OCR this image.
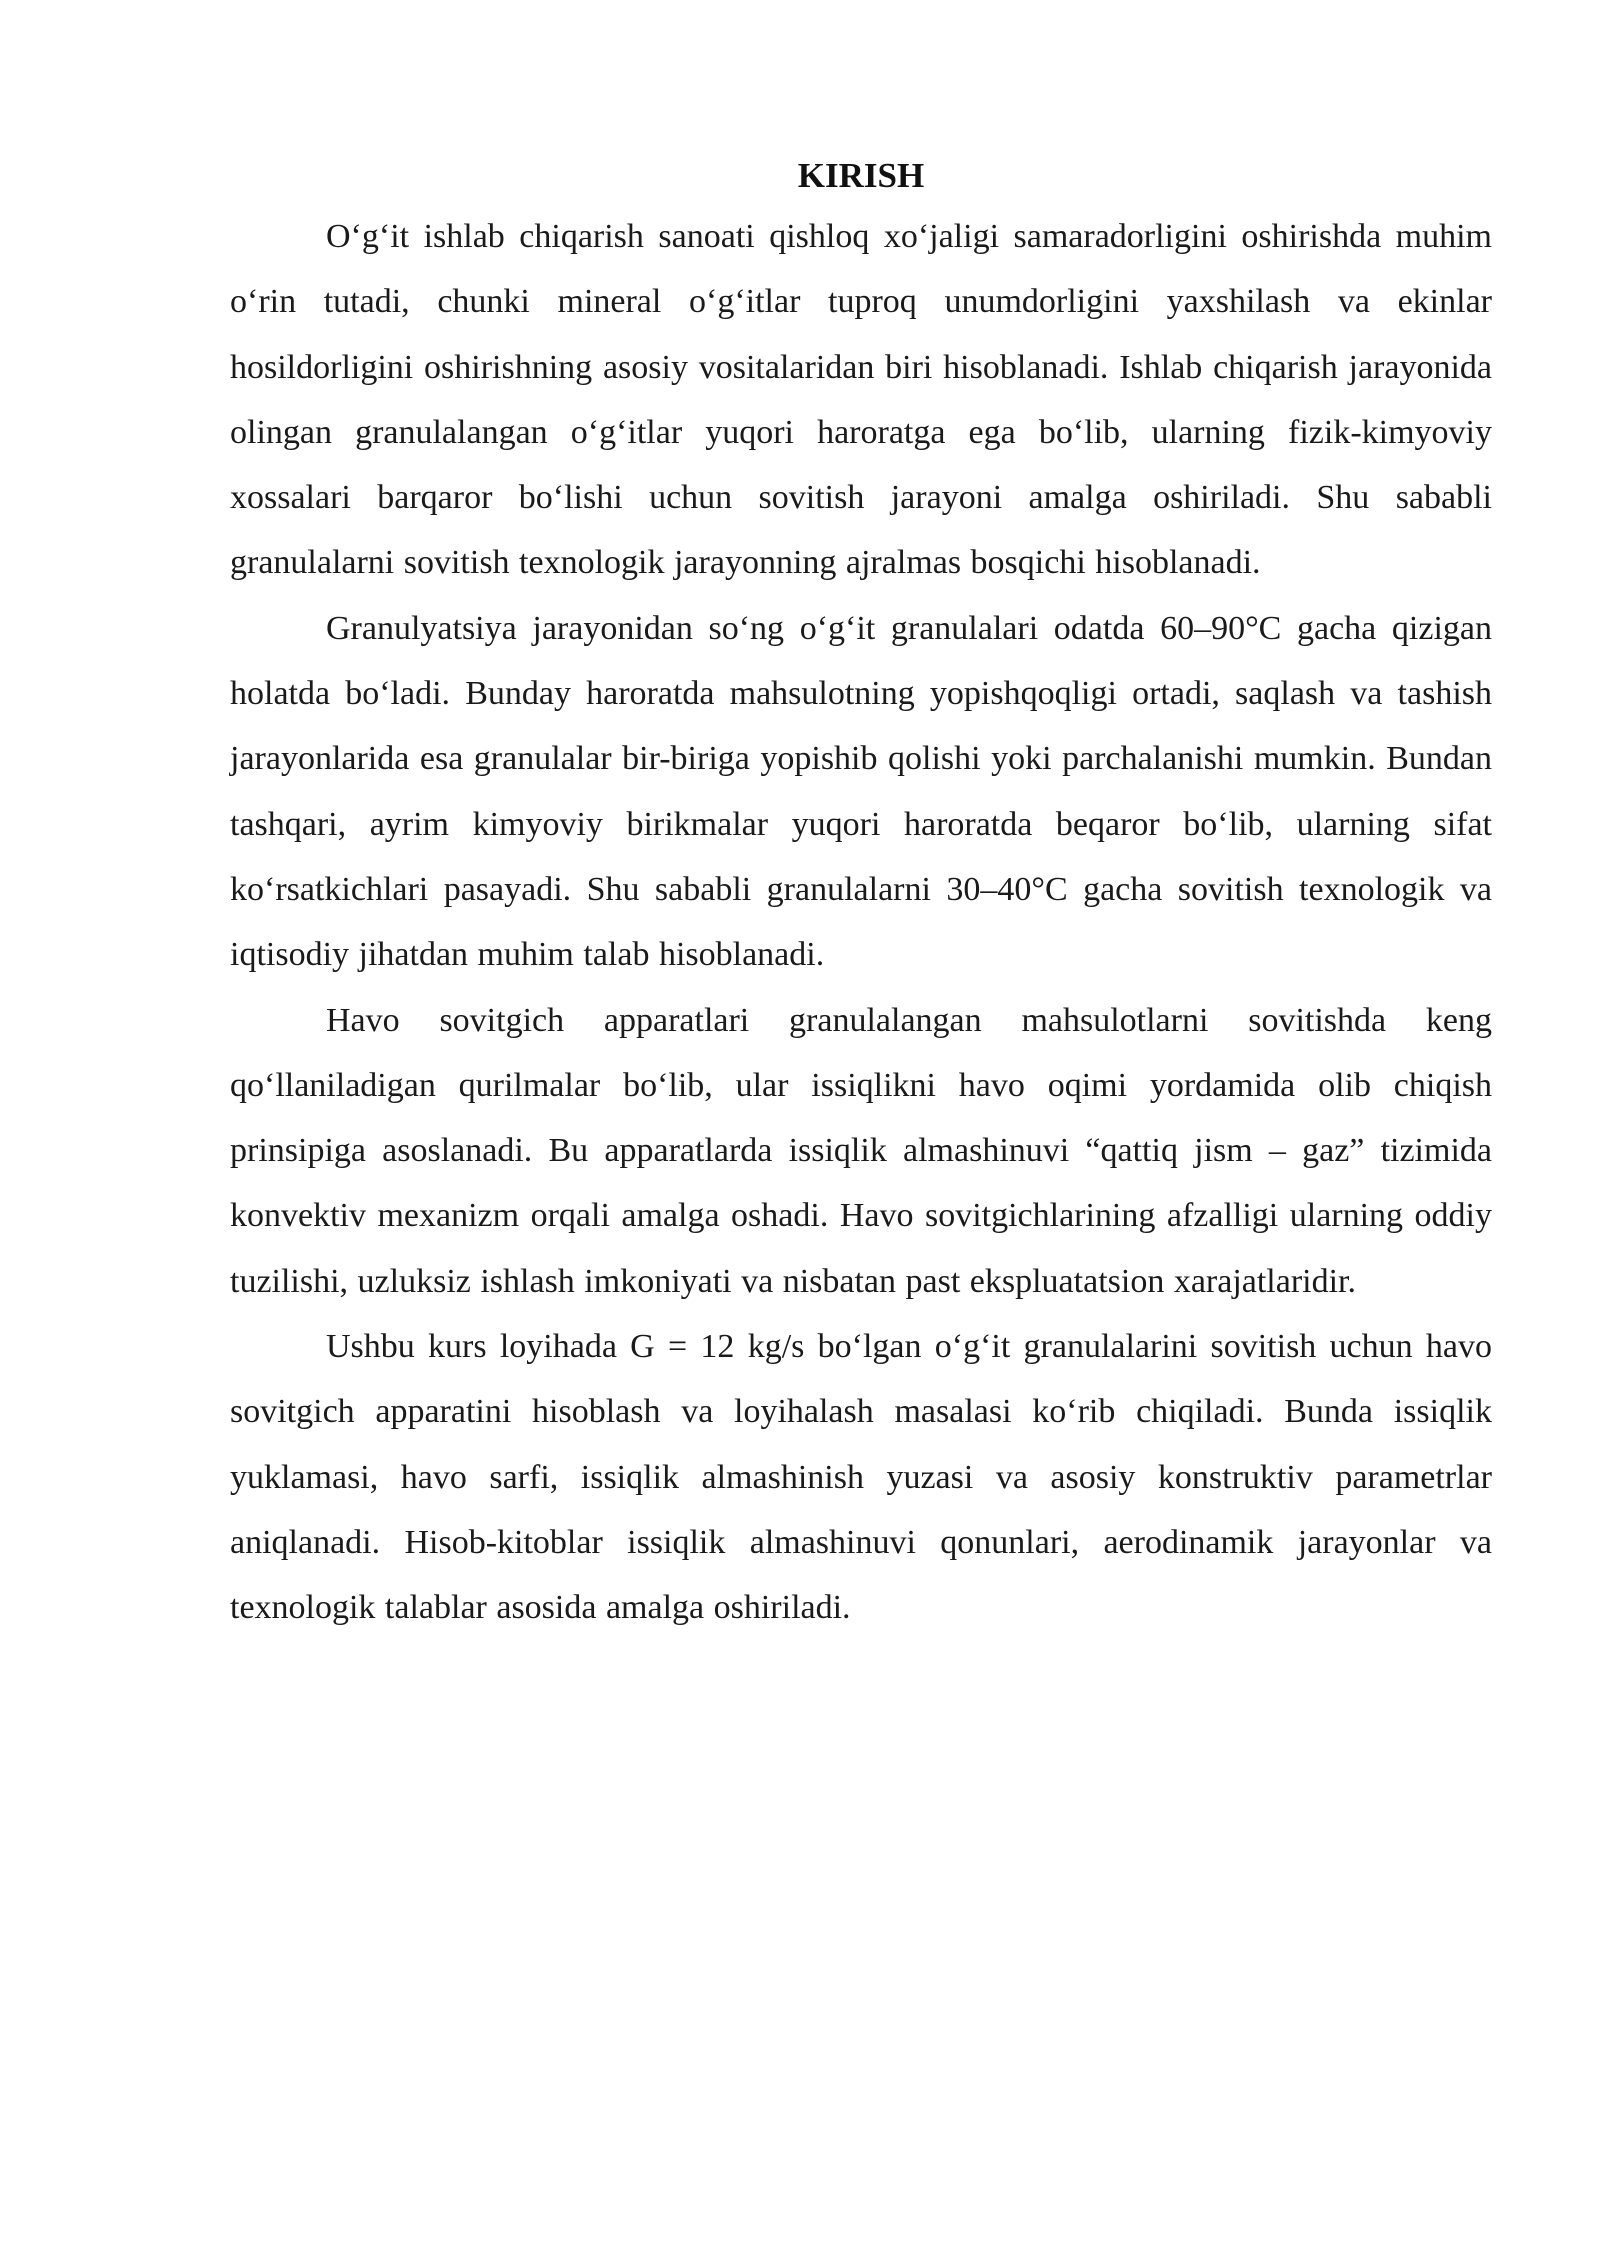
KIRISH

O‘g‘it ishlab chiqarish sanoati qishloq xo‘jaligi samaradorligini oshirishda muhim o‘rin tutadi, chunki mineral o‘g‘itlar tuproq unumdorligini yaxshilash va ekinlar hosildorligini oshirishning asosiy vositalaridan biri hisoblanadi. Ishlab chiqarish jarayonida olingan granulalangan o‘g‘itlar yuqori haroratga ega bo‘lib, ularning fizik-kimyoviy xossalari barqaror bo‘lishi uchun sovitish jarayoni amalga oshiriladi. Shu sababli granulalarni sovitish texnologik jarayonning ajralmas bosqichi hisoblanadi.

Granulyatsiya jarayonidan so‘ng o‘g‘it granulalari odatda 60–90°C gacha qizigan holatda bo‘ladi. Bunday haroratda mahsulotning yopishqoqligi ortadi, saqlash va tashish jarayonlarida esa granulalar bir-biriga yopishib qolishi yoki parchalanishi mumkin. Bundan tashqari, ayrim kimyoviy birikmalar yuqori haroratda beqaror bo‘lib, ularning sifat ko‘rsatkichlari pasayadi. Shu sababli granulalarni 30–40°C gacha sovitish texnologik va iqtisodiy jihatdan muhim talab hisoblanadi.

Havo sovitgich apparatlari granulalangan mahsulotlarni sovitishda keng qo‘llaniladigan qurilmalar bo‘lib, ular issiqlikni havo oqimi yordamida olib chiqish prinsipiga asoslanadi. Bu apparatlarda issiqlik almashinuvi “qattiq jism – gaz” tizimida konvektiv mexanizm orqali amalga oshadi. Havo sovitgichlarining afzalligi ularning oddiy tuzilishi, uzluksiz ishlash imkoniyati va nisbatan past ekspluatatsion xarajatlaridir.

Ushbu kurs loyihada G = 12 kg/s bo‘lgan o‘g‘it granulalarini sovitish uchun havo sovitgich apparatini hisoblash va loyihalash masalasi ko‘rib chiqiladi. Bunda issiqlik yuklamasi, havo sarfi, issiqlik almashinish yuzasi va asosiy konstruktiv parametrlar aniqlanadi. Hisob-kitoblar issiqlik almashinuvi qonunlari, aerodinamik jarayonlar va texnologik talablar asosida amalga oshiriladi.
